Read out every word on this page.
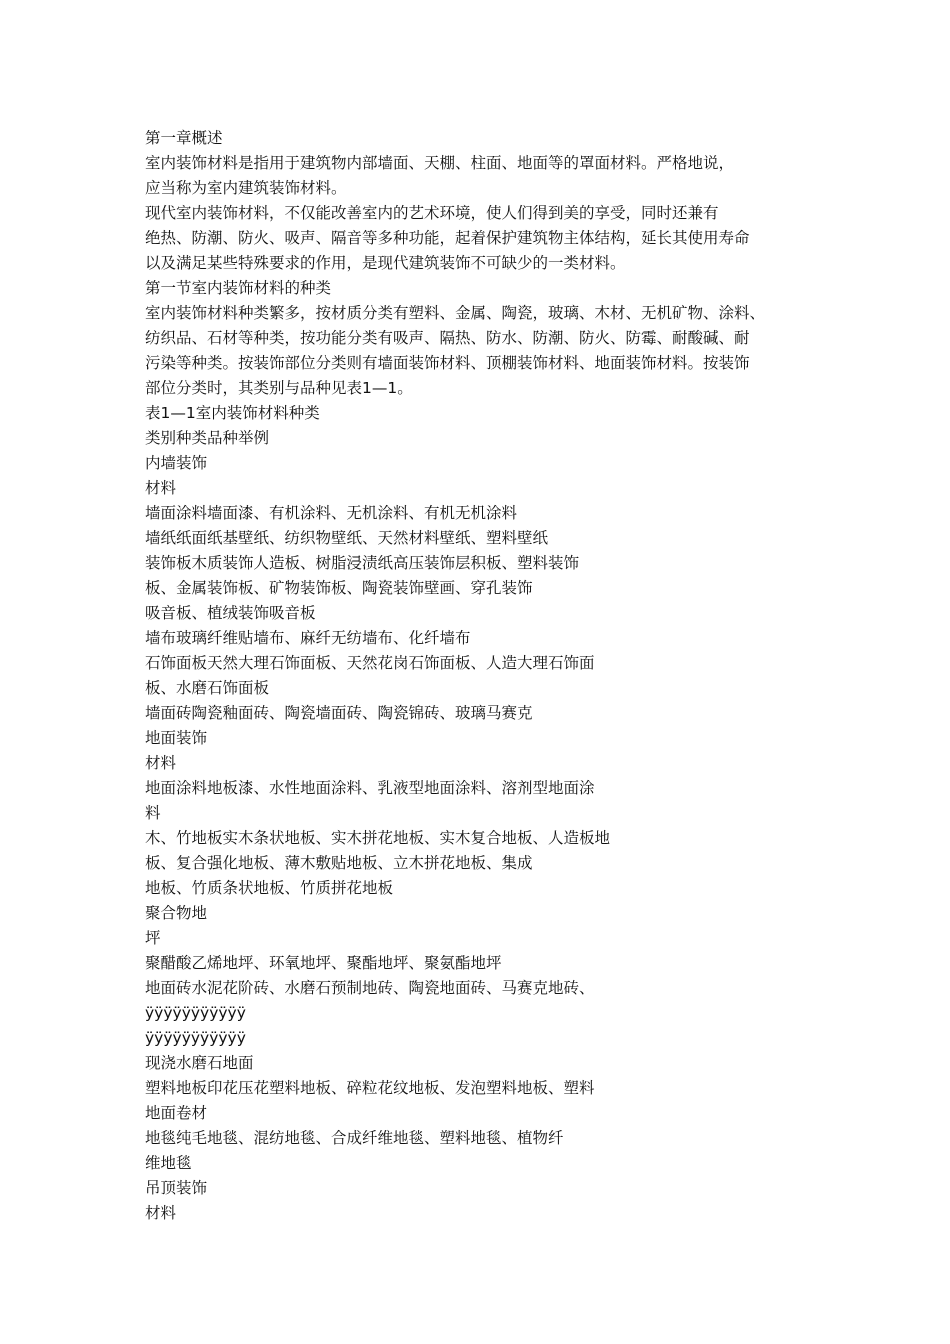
第一章概述
室内装饰材料是指用于建筑物内部墙面、天棚、柱面、地面等的罩面材料。严格地说，
应当称为室内建筑装饰材料。
现代室内装饰材料，不仅能改善室内的艺术环境，使人们得到美的享受，同时还兼有
绝热、防潮、防火、吸声、隔音等多种功能，起着保护建筑物主体结构，延长其使用寿命
以及满足某些特殊要求的作用，是现代建筑装饰不可缺少的一类材料。
第一节室内装饰材料的种类
室内装饰材料种类繁多，按材质分类有塑料、金属、陶瓷，玻璃、木材、无机矿物、涂料、
纺织品、石材等种类，按功能分类有吸声、隔热、防水、防潮、防火、防霉、耐酸碱、耐
污染等种类。按装饰部位分类则有墙面装饰材料、顶棚装饰材料、地面装饰材料。按装饰
部位分类时，其类别与品种见表1—1。
表1—1室内装饰材料种类
类别种类品种举例
内墙装饰
材料
墙面涂料墙面漆、有机涂料、无机涂料、有机无机涂料
墙纸纸面纸基壁纸、纺织物壁纸、天然材料壁纸、塑料壁纸
装饰板木质装饰人造板、树脂浸渍纸高压装饰层积板、塑料装饰
板、金属装饰板、矿物装饰板、陶瓷装饰壁画、穿孔装饰
吸音板、植绒装饰吸音板
墙布玻璃纤维贴墙布、麻纤无纺墙布、化纤墙布
石饰面板天然大理石饰面板、天然花岗石饰面板、人造大理石饰面
板、水磨石饰面板
墙面砖陶瓷釉面砖、陶瓷墙面砖、陶瓷锦砖、玻璃马赛克
地面装饰
材料
地面涂料地板漆、水性地面涂料、乳液型地面涂料、溶剂型地面涂
料
木、竹地板实木条状地板、实木拼花地板、实木复合地板、人造板地
板、复合强化地板、薄木敷贴地板、立木拼花地板、集成
地板、竹质条状地板、竹质拼花地板
聚合物地
坪
聚醋酸乙烯地坪、环氧地坪、聚酯地坪、聚氨酯地坪
地面砖水泥花阶砖、水磨石预制地砖、陶瓷地面砖、马赛克地砖、
ÿÿÿÿÿÿÿÿÿÿÿ
ÿÿÿÿÿÿÿÿÿÿÿ
现浇水磨石地面
塑料地板印花压花塑料地板、碎粒花纹地板、发泡塑料地板、塑料
地面卷材
地毯纯毛地毯、混纺地毯、合成纤维地毯、塑料地毯、植物纤
维地毯
吊顶装饰
材料
